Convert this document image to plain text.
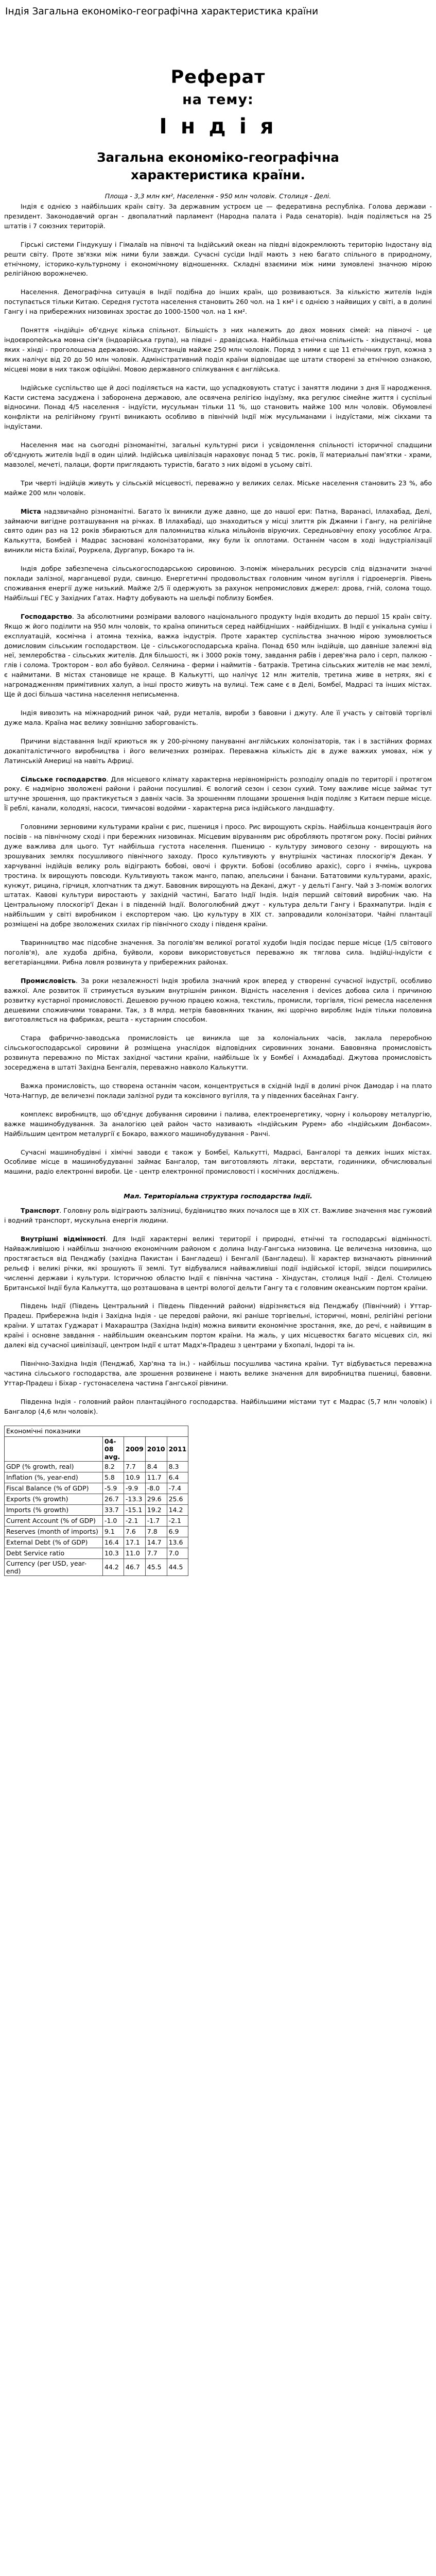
Індія Загальна економіко-географічна характеристика країни
Реферат
на тему:
І н д і я
Загальна економіко-географічна
характеристика країни.
Площа - 3,3 млн км², Населення - 950 млн чоловік. Столиця - Делі.

Індія є однією з найбільших країн світу. За державним устроєм це — федеративна республіка. Голова держави - президент. Законодавчий орган - двопалатний парламент (Народна палата і Рада сенаторів). Індія поділяється на 25 штатів і 7 союзних територій.

Гірські системи Гіндукушу і Гімалаїв на півночі та Індійський океан на півдні відокремлюють територію Індостану від решти світу. Проте зв'язки між ними були завжди. Сучасні сусіди Індії мають з нею багато спільного в природному, етнічному, історико-культурному і економічному відношеннях. Складні взаємини між ними зумовлені значною мірою релігійною ворожнечею.

Населення. Демографічна ситуація в Індії подібна до інших країн, що розвиваються. За кількістю жителів Індія поступається тільки Китаю. Середня густота населення становить 260 чол. на 1 км² і є однією з найвищих у світі, а в долині Гангу і на прибережних низовинах зростає до 1000-1500 чол. на 1 км².

Поняття «індійці» об'єднує кілька спільнот. Більшість з них належить до двох мовних сімей: на півночі - це індоєвропейська мовна сім'я (індоарійська група), на півдні - дравідська. Найбільша етнічна спільність - хіндустанці, мова яких - хінді - проголошена державною. Хіндустанців майже 250 млн чоловік. Поряд з ними є ще 11 етнічних груп, кожна з яких налічує від 20 до 50 млн чоловік. Адміністративний поділ країни відповідає ще штати створені за етнічною ознакою, місцеві мови в них також офіційні. Мовою державного спілкування є англійська.

Індійське суспільство ще й досі поділяється на касти, що успадковують статус і заняття людини з дня її народження. Касти система засуджена і заборонена державою, але освячена релігією індуїзму, яка регулює сімейне життя і суспільні відносини. Понад 4/5 населення - індуїсти, мусульман тільки 11 %, що становить майже 100 млн чоловік. Обумовлені конфлікти на релігійному ґрунті виникають особливо в північній Індії між мусульманами і індуїстами, між сікхами та індуїстами.

Населення має на сьогодні різноманітні, загальні культурні риси і усвідомлення спільності історичної спадщини об'єднують жителів Індії в один цілий. Індійська цивілізація нараховує понад 5 тис. років, її материальні пам'ятки - храми, мавзолеї, мечеті, палаци, форти приглядають туристів, багато з них відомі в усьому світі.

Три чверті індійців живуть у сільській місцевості, переважно у великих селах. Міське населення становить 23 %, або майже 200 млн чоловік.

Міста надзвичайно різноманітні. Багато їх виникли дуже давно, ще до нашої ери: Патна, Варанасі, Іллахабад, Делі, займаючи вигідне розташування на річках. В Іллахабаді, що знаходиться у місці злиття рік Джамни і Гангу, на релігійне свято один раз на 12 років збираються для паломництва кілька мільйонів віруючих. Середньовічну епоху уособлює Агра. Калькутта, Бомбей і Мадрас засновані колонізаторами, яку були їх оплотами. Останнім часом в ході індустріалізації виникли міста Бхілаї, Роуркела, Дургапур, Бокаро та ін.

Індія добре забезпечена сільськогосподарською сировиною. З-поміж мінеральних ресурсів слід відзначити значні поклади залізної, марганцевої руди, свинцю. Енергетичні продовольствах головним чином вугілля і гідроенергія. Рівень споживання енергії дуже низький. Майже 2/5 її одержують за рахунок непромислових джерел: дрова, гній, солома тощо. Найбільші ГЕС у Західних Гатах. Нафту добувають на шельфі поблизу Бомбея.

Господарство. За абсолютними розмірами валового національного продукту Індія входить до першої 15 країн світу. Якщо ж його поділити на 950 млн чоловік, то країна опиниться серед найбідніших - найбідніших. В Індії є унікальна суміш і експлуатацій, космічна і атомна техніка, важка індустрія. Проте характер суспільства значною мірою зумовлюється домисловим сільським господарством. Це - сільськогосподарська країна. Понад 650 млн індійців, що давніше залежні від неї, землеробства - сільських жителів. Для більшості, як і 3000 років тому, завдання рабів і дерев'яна рало і серп, палкою - глів і солома. Троктором - вол або буйвол. Селянина - ферми і наймитів - батраків. Третина сільських жителів не має землі, є наймитами. В містах становище не краще. В Калькутті, що налічує 12 млн жителів, третина живе в нетрях, які є нагромадженням примітивних халуп, а інші просто живуть на вулиці. Теж саме є в Делі, Бомбеї, Мадрасі та інших містах. Ще й досі більша частина населення неписьменна.

Індія вивозить на міжнародний ринок чай, руди металів, вироби з бавовни і джуту. Але її участь у світовій торгівлі дуже мала. Країна має велику зовнішню заборгованість.

Причини відставання Індії криються як у 200-річному пануванні англійських колонізаторів, так і в застійних формах докапіталістичного виробництва і його величезних розмірах. Переважна кількість діє в дуже важких умовах, ніж у Латинській Америці на навіть Африці.

Сільське господарство. Для місцевого клімату характерна нерівномірність розподілу опадів по території і протягом року. Є надмірно зволожені райони і райони посушливі. Є вологий сезон і сезон сухий. Тому важливе місце займає тут штучне зрошення, що практикується з давніх часів. За зрошенням площами зрошення Індія поділяє з Китаєм перше місце. Її реблі, канали, колодязі, насоси, тимчасові водойми - характерна риса індійського ландшафту.

Головними зерновими культурами країни є рис, пшениця і просо. Рис вирощують скрізь. Найбільша концентрація його посівів - на північному сході і при бережних низовинах. Місцевим віруванням рис обробляють протягом року. Посіві рийних дуже важлива для цього. Тут найбільша густота населення. Пшеницю - культуру зимового сезону - вирощують на зрошуваних землях посушливого північного заходу. Просо культивують у внутрішніх частинах плоскогір'я Декан. У харчуванні індійців велику роль відіграють бобові, овочі і фрукти. Бобові (особливо арахіс), сорго і ячмінь, цукрова тростина. Іх вирощують повсюди. Культивують також манго, папаю, апельсини і банани. Бататовими культурами, арахіс, кунжут, рицина, гірчиця, хлопчатник та джут. Бавовник вирощують на Декані, джут - у дельті Гангу. Чай з 3-поміж вологих штатах. Кавові культури виростають у західній частині, Багато Індії Індія. Індія перший світовий виробник чаю. На Центральному плоскогір'ї Декан і в південній Індії. Вологолюбний джут - культура дельти Гангу і Брахмапутри. Індія є найбільшим у світі виробником і експортером чаю. Цю культуру в ХІХ ст. запровадили колонізатори. Чайні плантації розміщені на добре зволожених схилах гір північного сходу і південя країни.

Тваринництво має підсобне значення. За поголів'ям великої рогатої худоби Індія посідає перше місце (1/5 світового поголів'я), але худоба дрібна, буйволи, корови використовується переважно як тяглова сила. Індійці-індуїсти є вегетаріанцями. Рибна ловля розвинута у прибережних районах.

Промисловість. За роки незалежності Індія зробила значний крок вперед у створенні сучасної індустрії, особливо важкої. Але розвиток її стримується вузьким внутрішнім ринком. Відність населення і devices добова сила і причиною розвитку кустарної промисловості. Дешевою ручною працею кожна, текстиль, промисли, торгівля, тісні ремесла населення дешевими споживчими товарами. Так, з 8 млрд. метрів бавовняних тканин, які щорічно виробляє Індія тільки половина виготовляється на фабриках, решта - кустарним способом.

Стара фабрично-заводська промисловість це виникла ще за колоніальних часів, заклала переробною сільськогосподарської сировини й розміщена унаслідок відповідних сировинних зонами. Бавовняна промисловість розвинута переважно по Містах західної частини країни, найбільше їх у Бомбеї і Ахмадабаді. Джутова промисловість зосереджена в штаті Західна Бенгалія, переважно навколо Калькутти.

Важка промисловість, що створена останнім часом, концентрується в східній Індії в долині річок Дамодар і на плато Чота-Нагпур, де величезні поклади залізної руди та коксівного вугілля, та у південних басейнах Гангу.

комплекс виробництв, що об'єднує добування сировини і палива, електроенергетику, чорну і кольорову металургію, важке машинобудування. За аналогією цей район часто називають «Індійським Рурем» або «Індійським Донбасом». Найбільшим центром металургії є Бокаро, важкого машинобудування - Ранчі.

Сучасні машинобудівні і хімічні заводи є також у Бомбеї, Калькутті, Мадрасі, Бангалорі та деяких інших містах. Особливе місце в машинобудуванні займає Бангалор, там виготовляють літаки, верстати, годинники, обчислювальні машини, радіо електронні вироби. Це - центр електронної промисловості і космічних досліджень.

Мал. Територіальна структура господарства Індії.

Транспорт. Головну роль відіграють залізниці, будівництво яких почалося ще в XIX ст. Важливе значення має гужовий і водний транспорт, мускульна енергія людини.

Внутрішні відмінності. Для Індії характерні великі території і природні, етнічні та господарські відмінності. Найважливішою і найбільш значною економічним районом є долина Інду-Гангська низовина. Це величезна низовина, що простягається від Пенджабу (західна Пакистан і Бангладеш) і Бенгалії (Бангладеш). Її характер визначають рівнинний рельєф і великі річки, які зрошують її землі. Тут відбувалися найважливіші події індійської історії, звідси поширились численні держави і культури. Історичною областю Індії є північна частина - Хіндустан, столиця Індії - Делі. Столицею Британської Індії була Калькутта, що розташована в центрі вологої дельти Гангу та є головним океанським портом країни.

Південь Індії (Південь Центральний і Південь Південний райони) відрізняється від Пенджабу (Північний) і Уттар-Прадеш. Прибережна Індія і Західна Індія - це передові райони, які раніше торгівельні, історичні, мовні, релігійні регіони країни. У штатах Гуджарат і Махараштра (Західна Індія) можна виявити економічне зростання, яке, до речі, є найвищим в країні і основне завдання - найбільшим океанським портом країни. На жаль, у цих місцевостях багато місцевих сіл, які далекі від сучасної цивілізації, центром Індії є штат Мадх'я-Прадеш з центрами у Бхопалі, Індорі та ін.

Північно-Західна Індія (Пенджаб, Хар'яна та ін.) - найбільш посушлива частина країни. Тут відбувається переважна частина сільського господарства, але зрошення розвинене і мають велике значення для виробництва пшениці, бавовни. Уттар-Прадеш і Біхар - густонаселена частина Гангської рівнини.

Південна Індія - головний район плантаційного господарства. Найбільшими містами тут є Мадрас (5,7 млн чоловік) і Бангалор (4,6 млн чоловік).

Економічні показники				
	04-08 avg.	2009	2010	2011
GDP (% growth, real)	8.2	7.7	8.4	8.3
Inflation (%, year-end)	5.8	10.9	11.7	6.4
Fiscal Balance (% of GDP)	-5.9	-9.9	-8.0	-7.4
Exports (% growth)	26.7	-13.3	29.6	25.6
Imports (% growth)	33.7	-15.1	19.2	14.2
Current Account (% of GDP)	-1.0	-2.1	-1.7	-2.1
Reserves (month of imports)	9.1	7.6	7.8	6.9
External Debt (% of GDP)	16.4	17.1	14.7	13.6
Debt Service ratio	10.3	11.0	7.7	7.0
Currency (per USD, year-end)	44.2	46.7	45.5	44.5
